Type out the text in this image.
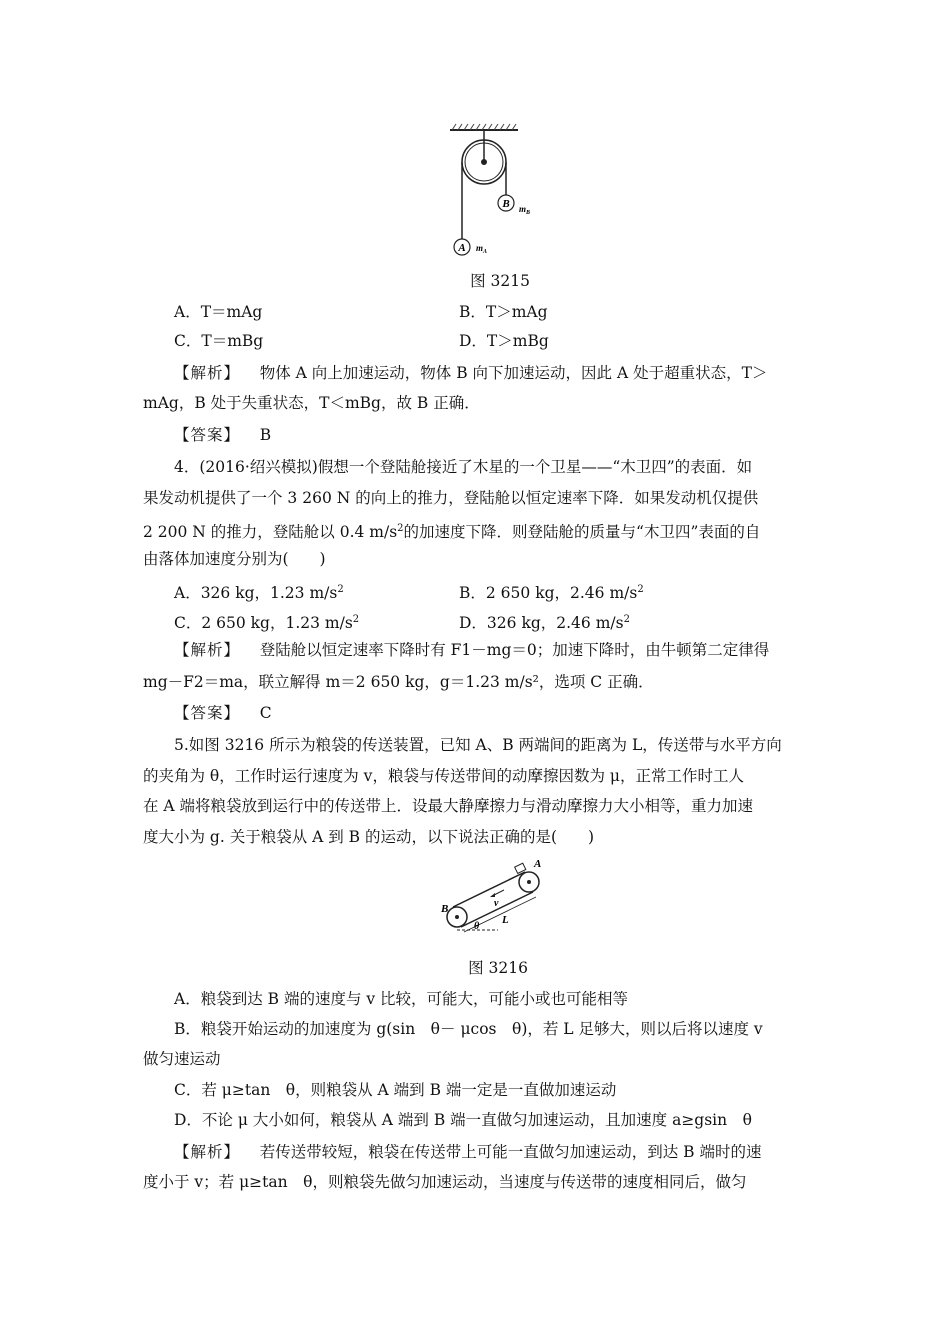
A
B
$m_A$
$m_B$
图 3215
A．T＝mAg	B．T＞mAg
C．T＝mBg	D．T＞mBg
【解析】 物体 A 向上加速运动，物体 B 向下加速运动，因此 A 处于超重状态，T＞
mAg，B 处于失重状态，T＜mBg，故 B 正确．
【答案】 B
4．(2016·绍兴模拟)假想一个登陆舱接近了木星的一个卫星——“木卫四”的表面．如
果发动机提供了一个 3 260 N 的向上的推力，登陆舱以恒定速率下降．如果发动机仅提供
2 200 N 的推力，登陆舱以 0.4 $m/s^2$的加速度下降．则登陆舱的质量与“木卫四”表面的自
由落体加速度分别为(　　)
A．326 kg，1.23 $m/s^2$	B．2 650 kg，2.46 $m/s^2$
C．2 650 kg，1.23 $m/s^2$	D．326 kg，2.46 $m/s^2$
【解析】 登陆舱以恒定速率下降时有 F1－mg＝0；加速下降时，由牛顿第二定律得
mg－F2＝ma，联立解得 m＝2 650 kg，g＝1.23 m/s²，选项 C 正确．
【答案】 C
5.如图 3216 所示为粮袋的传送装置，已知 A、B 两端间的距离为 L，传送带与水平方向
的夹角为 θ，工作时运行速度为 v，粮袋与传送带间的动摩擦因数为 μ，正常工作时工人
在 A 端将粮袋放到运行中的传送带上．设最大静摩擦力与滑动摩擦力大小相等，重力加速
度大小为 g. 关于粮袋从 A 到 B 的运动，以下说法正确的是(　　)
A
B	v
L
θ
图 3216
A．粮袋到达 B 端的速度与 v 比较，可能大，可能小或也可能相等
B．粮袋开始运动的加速度为 g(sin　θ－ μcos　θ)，若 L 足够大，则以后将以速度 v
做匀速运动
C．若 μ≥tan　θ，则粮袋从 A 端到 B 端一定是一直做加速运动
D．不论 μ 大小如何，粮袋从 A 端到 B 端一直做匀加速运动，且加速度 a≥gsin　θ
【解析】 若传送带较短，粮袋在传送带上可能一直做匀加速运动，到达 B 端时的速
度小于 v；若 μ≥tan　θ，则粮袋先做匀加速运动，当速度与传送带的速度相同后，做匀
